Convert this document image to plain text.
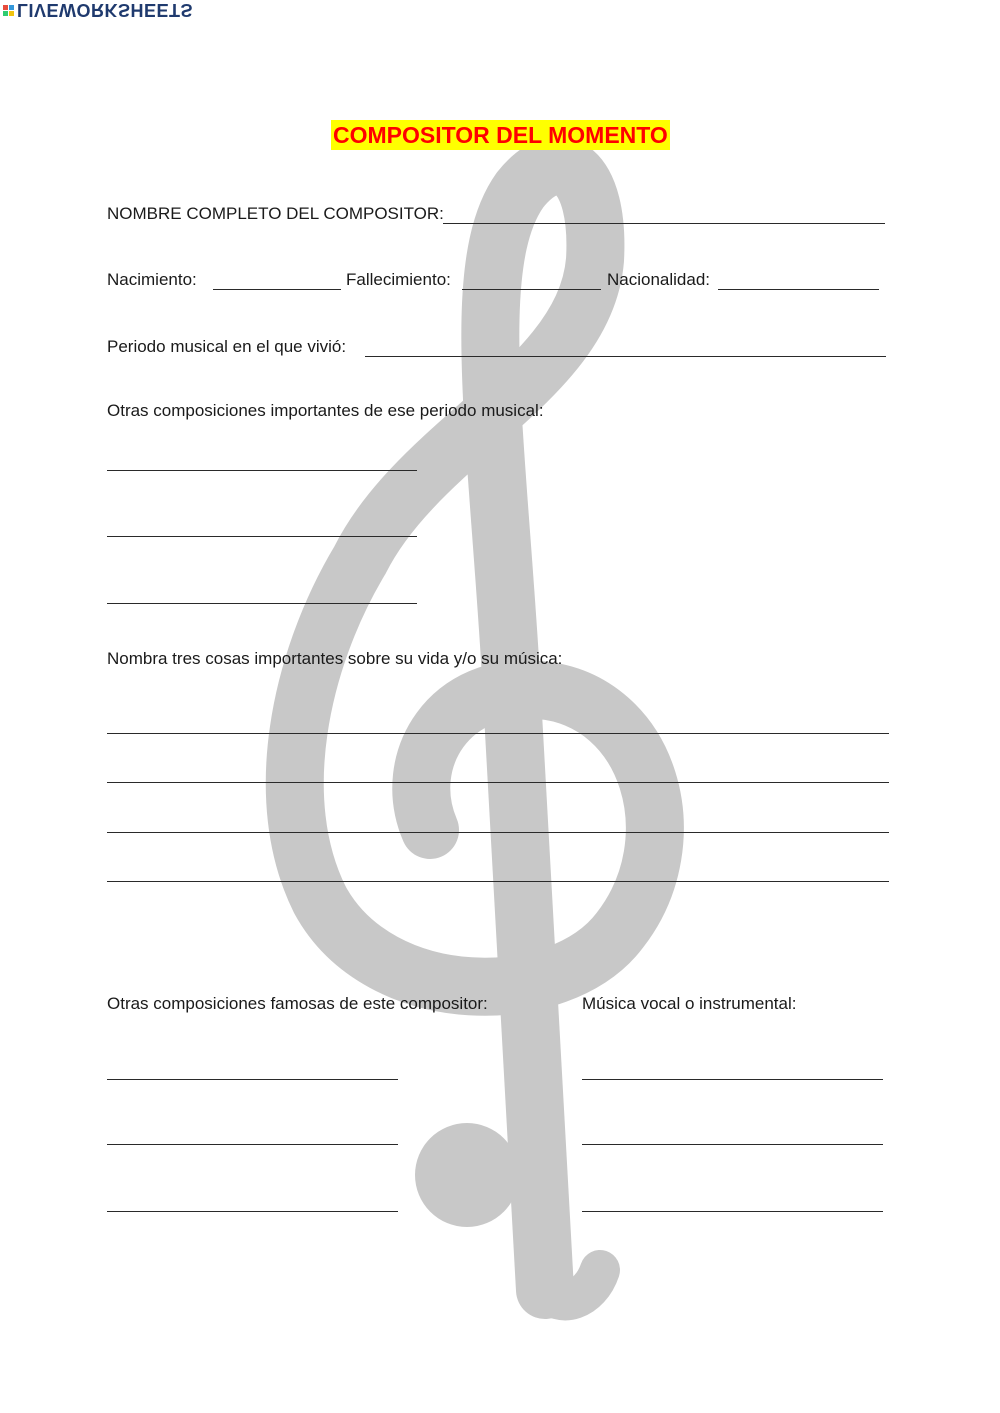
LIVEWORKSHEETS
COMPOSITOR DEL MOMENTO
NOMBRE COMPLETO DEL COMPOSITOR:
Nacimiento:	Fallecimiento:	Nacionalidad:
Periodo musical en el que vivió:
Otras composiciones importantes de ese periodo musical:
Nombra tres cosas importantes sobre su vida y/o su música:
Otras composiciones famosas de este compositor:	Música vocal o instrumental:
